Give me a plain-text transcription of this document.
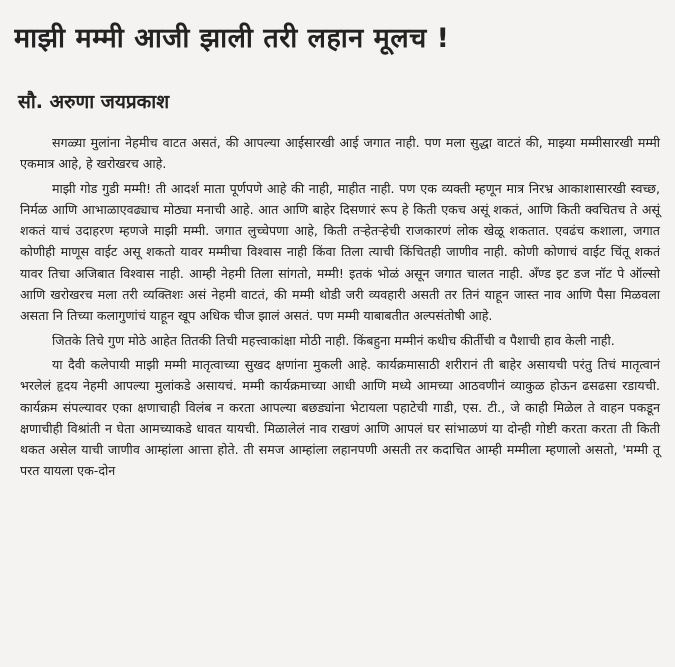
माझी मम्मी आजी झाली तरी लहान मूलच !
सौ. अरुणा जयप्रकाश

सगळ्या मुलांना नेहमीच वाटत असतं, की आपल्या आईसारखी आई जगात नाही. पण मला सुद्धा वाटतं की, माझ्या मम्मीसारखी मम्मी एकमात्र आहे, हे खरोखरच आहे.

माझी गोड गुडी मम्मी! ती आदर्श माता पूर्णपणे आहे की नाही, माहीत नाही. पण एक व्यक्ती म्हणून मात्र निरभ्र आकाशासारखी स्वच्छ, निर्मळ आणि आभाळाएवढ्याच मोठ्या मनाची आहे. आत आणि बाहेर दिसणारं रूप हे किती एकच असूं शकतं, आणि किती क्वचितच ते असूं शकतं याचं उदाहरण म्हणजे माझी मम्मी. जगात लुच्चेपणा आहे, किती तऱ्हेतऱ्हेची राजकारणं लोक खेळू शकतात. एवढंच कशाला, जगात कोणीही माणूस वाईट असू शकतो यावर मम्मीचा विश्वास नाही किंवा तिला त्याची किंचितही जाणीव नाही. कोणी कोणाचं वाईट चिंतू शकतं यावर तिचा अजिबात विश्वास नाही. आम्ही नेहमी तिला सांगतो, मम्मी! इतकं भोळं असून जगात चालत नाही. अँण्ड इट डज नॉट पे ऑल्सो आणि खरोखरच मला तरी व्यक्तिशः असं नेहमी वाटतं, की मम्मी थोडी जरी व्यवहारी असती तर तिनं याहून जास्त नाव आणि पैसा मिळवला असता नि तिच्या कलागुणांचं याहून खूप अधिक चीज झालं असतं. पण मम्मी याबाबतीत अल्पसंतोषी आहे.

जितके तिचे गुण मोठे आहेत तितकी तिची महत्त्वाकांक्षा मोठी नाही. किंबहुना मम्मीनं कधीच कीर्तीची व पैशाची हाव केली नाही.

या दैवी कलेपायी माझी मम्मी मातृत्वाच्या सुखद क्षणांना मुकली आहे. कार्यक्रमासाठी शरीरानं ती बाहेर असायची परंतु तिचं मातृत्वानं भरलेलं हृदय नेहमी आपल्या मुलांकडे असायचं. मम्मी कार्यक्रमाच्या आधी आणि मध्ये आमच्या आठवणीनं व्याकुळ होऊन ढसढसा रडायची. कार्यक्रम संपल्यावर एका क्षणाचाही विलंब न करता आपल्या बछड्यांना भेटायला पहाटेची गाडी, एस. टी., जे काही मिळेल ते वाहन पकडून क्षणाचीही विश्रांती न घेता आमच्याकडे धावत यायची. मिळालेलं नाव राखणं आणि आपलं घर सांभाळणं या दोन्ही गोष्टी करता करता ती किती थकत असेल याची जाणीव आम्हांला आत्ता होते. ती समज आम्हांला लहानपणी असती तर कदाचित आम्ही मम्मीला म्हणालो असतो, 'मम्मी तू परत यायला एक-दोन
